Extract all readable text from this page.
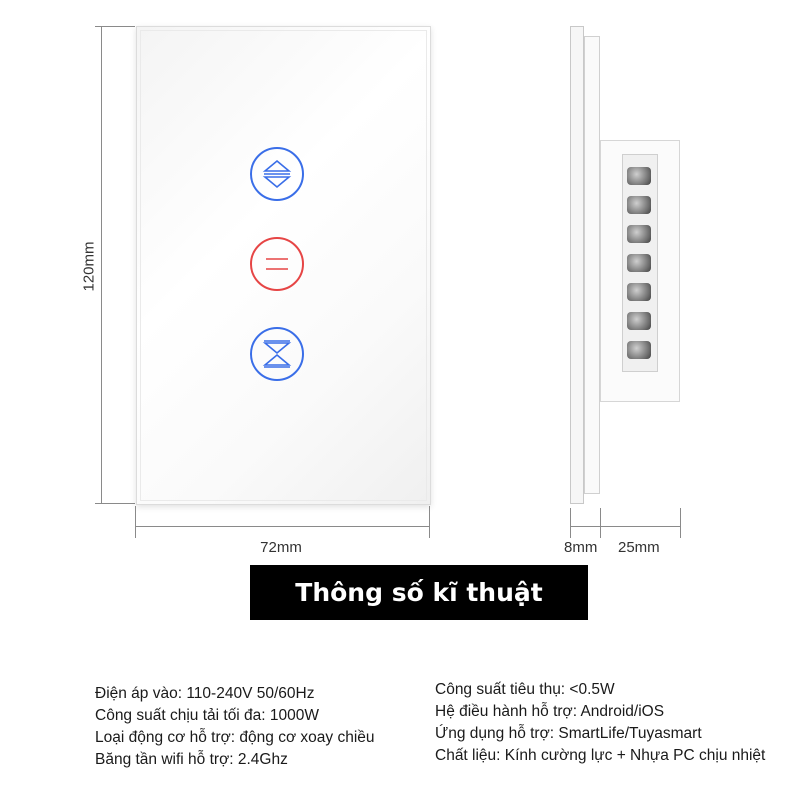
120mm
72mm	8mm 25mm
Thông số kĩ thuật
Điện áp vào: 110-240V 50/60Hz
Công suất chịu tải tối đa: 1000W
Loại động cơ hỗ trợ: động cơ xoay chiều
Băng tần wifi hỗ trợ: 2.4Ghz
Công suất tiêu thụ: <0.5W
Hệ điều hành hỗ trợ: Android/iOS
Ứng dụng hỗ trợ: SmartLife/Tuyasmart
Chất liệu: Kính cường lực + Nhựa PC chịu nhiệt
